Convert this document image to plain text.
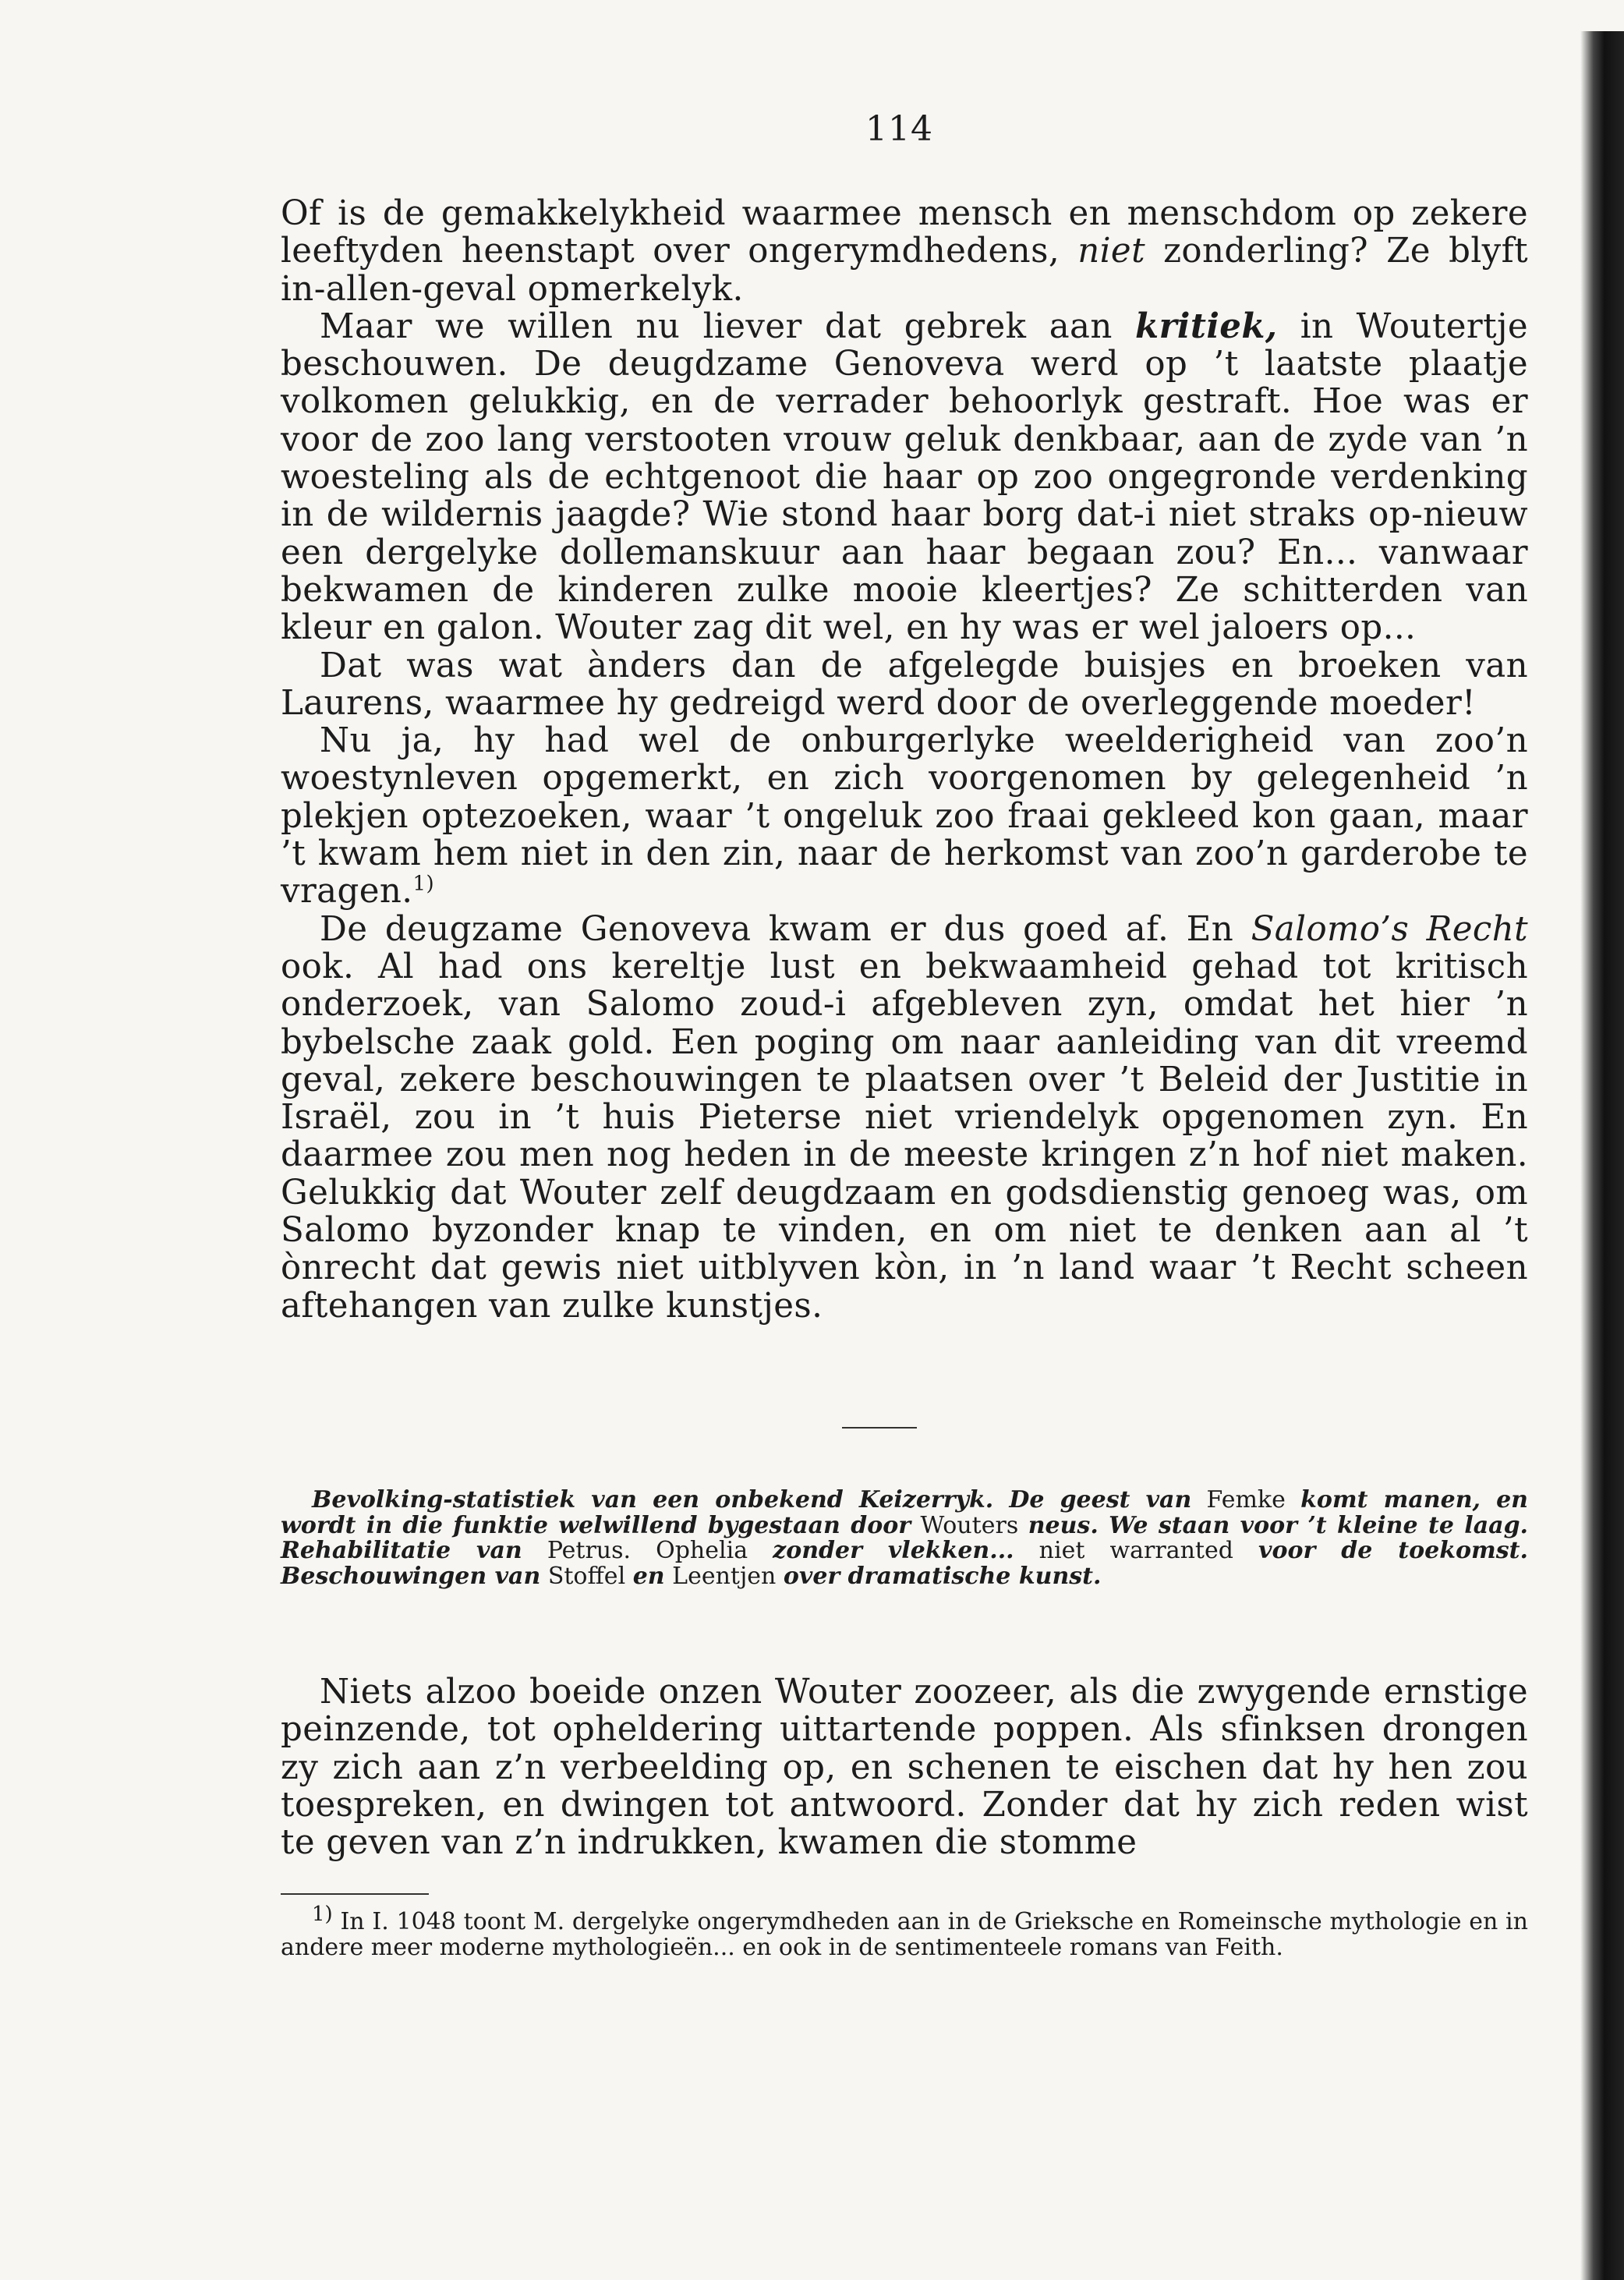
114

Of is de gemakkelykheid waarmee mensch en menschdom op zekere leeftyden heenstapt over ongerymdhedens, niet zonderling? Ze blyft in-allen-geval opmerkelyk.

Maar we willen nu liever dat gebrek aan kritiek, in Woutertje beschouwen. De deugdzame Genoveva werd op ’t laatste plaatje volkomen gelukkig, en de verrader behoorlyk gestraft. Hoe was er voor de zoo lang verstooten vrouw geluk denkbaar, aan de zyde van ’n woesteling als de echtgenoot die haar op zoo ongegronde verdenking in de wildernis jaagde? Wie stond haar borg dat-i niet straks op-nieuw een dergelyke dollemanskuur aan haar begaan zou? En... vanwaar bekwamen de kinderen zulke mooie kleertjes? Ze schitterden van kleur en galon. Wouter zag dit wel, en hy was er wel jaloers op...

Dat was wat ànders dan de afgelegde buisjes en broeken van Laurens, waarmee hy gedreigd werd door de overleggende moeder!

Nu ja, hy had wel de onburgerlyke weelderigheid van zoo’n woestynleven opgemerkt, en zich voorgenomen by gelegenheid ’n plekjen optezoeken, waar ’t ongeluk zoo fraai gekleed kon gaan, maar ’t kwam hem niet in den zin, naar de herkomst van zoo’n garderobe te vragen.$^{1)}$

De deugzame Genoveva kwam er dus goed af. En Salomo’s Recht ook. Al had ons kereltje lust en bekwaamheid gehad tot kritisch onderzoek, van Salomo zoud-i afgebleven zyn, omdat het hier ’n bybelsche zaak gold. Een poging om naar aanleiding van dit vreemd geval, zekere beschouwingen te plaatsen over ’t Beleid der Justitie in Israël, zou in ’t huis Pieterse niet vriendelyk opgenomen zyn. En daarmee zou men nog heden in de meeste kringen z’n hof niet maken. Gelukkig dat Wouter zelf deugdzaam en godsdienstig genoeg was, om Salomo byzonder knap te vinden, en om niet te denken aan al ’t ònrecht dat gewis niet uitblyven kòn, in ’n land waar ’t Recht scheen aftehangen van zulke kunstjes.

Bevolking-statistiek van een onbekend Keizerryk. De geest van Femke komt manen, en wordt in die funktie welwillend bygestaan door Wouters neus. We staan voor ’t kleine te laag. Rehabilitatie van Petrus. Ophelia zonder vlekken... niet warranted voor de toekomst. Beschouwingen van Stoffel en Leentjen over dramatische kunst.

Niets alzoo boeide onzen Wouter zoozeer, als die zwygende ernstige peinzende, tot opheldering uittartende poppen. Als sfinksen drongen zy zich aan z’n verbeelding op, en schenen te eischen dat hy hen zou toespreken, en dwingen tot antwoord. Zonder dat hy zich reden wist te geven van z’n indrukken, kwamen die stomme

$^{1)}$ In I. 1048 toont M. dergelyke ongerymdheden aan in de Grieksche en Romeinsche mythologie en in andere meer moderne mythologieën... en ook in de sentimenteele romans van Feith.
